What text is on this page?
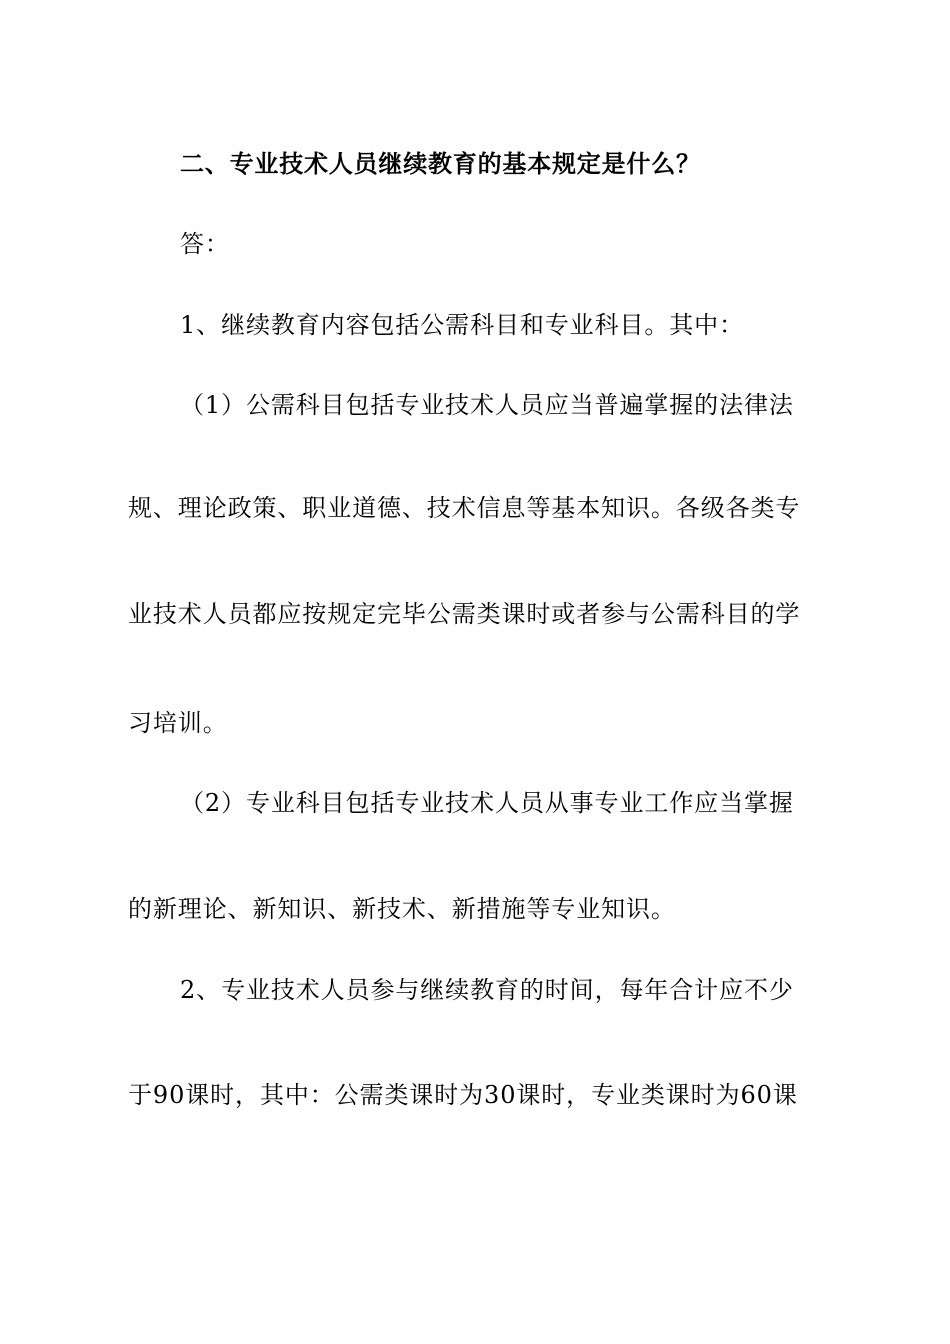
二、专业技术人员继续教育的基本规定是什么？
答：
1、继续教育内容包括公需科目和专业科目。其中：
（1）公需科目包括专业技术人员应当普遍掌握的法律法
规、理论政策、职业道德、技术信息等基本知识。各级各类专
业技术人员都应按规定完毕公需类课时或者参与公需科目的学
习培训。
（2）专业科目包括专业技术人员从事专业工作应当掌握
的新理论、新知识、新技术、新措施等专业知识。
2、专业技术人员参与继续教育的时间，每年合计应不少
于90课时，其中：公需类课时为30课时，专业类课时为60课
